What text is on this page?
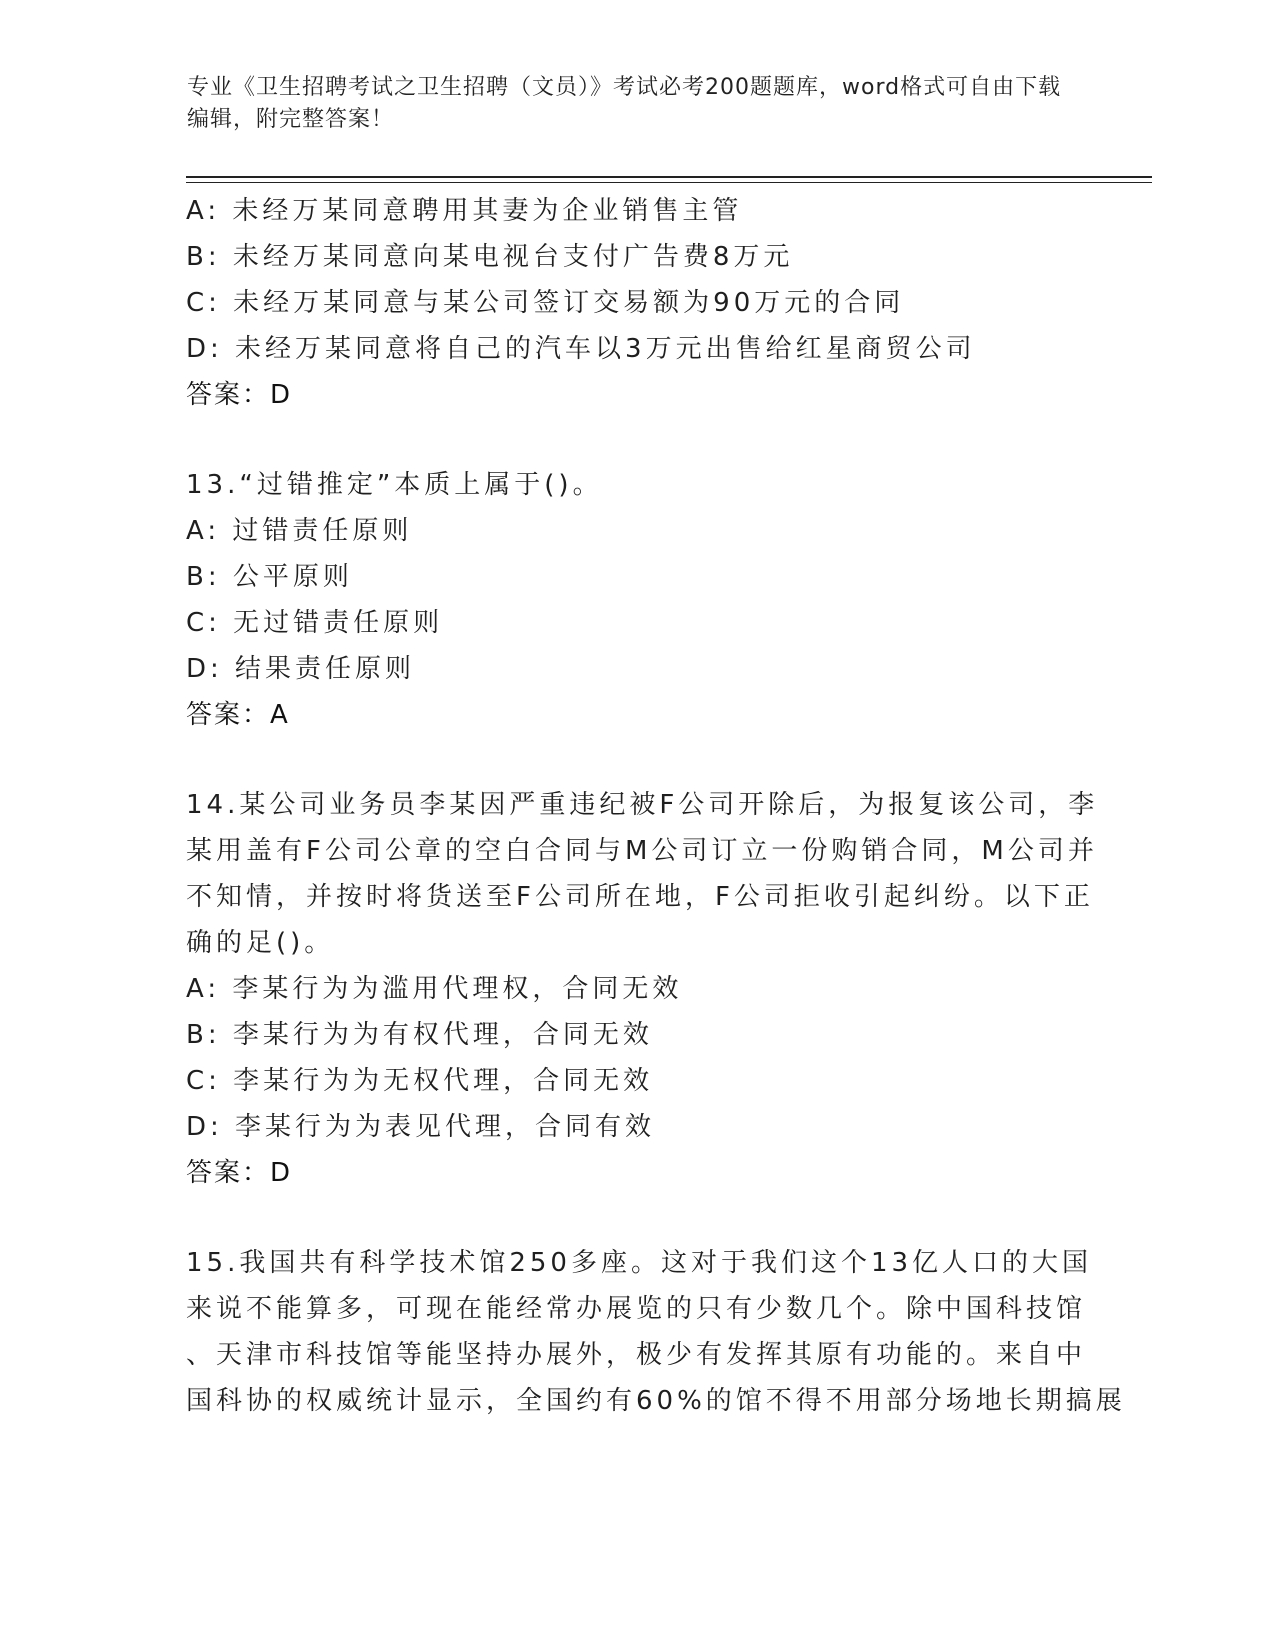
专业《卫生招聘考试之卫生招聘（文员）》考试必考200题题库，word格式可自由下载编辑，附完整答案！
A: 未经万某同意聘用其妻为企业销售主管
B: 未经万某同意向某电视台支付广告费8万元
C: 未经万某同意与某公司签订交易额为90万元的合同
D: 未经万某同意将自己的汽车以3万元出售给红星商贸公司
答案：D
13.“过错推定”本质上属于()。
A: 过错责任原则
B: 公平原则
C: 无过错责任原则
D: 结果责任原则
答案：A
14.某公司业务员李某因严重违纪被F公司开除后，为报复该公司，李
某用盖有F公司公章的空白合同与M公司订立一份购销合同，M公司并
不知情，并按时将货送至F公司所在地，F公司拒收引起纠纷。以下正
确的足()。
A: 李某行为为滥用代理权，合同无效
B: 李某行为为有权代理，合同无效
C: 李某行为为无权代理，合同无效
D: 李某行为为表见代理，合同有效
答案：D
15.我国共有科学技术馆250多座。这对于我们这个13亿人口的大国
来说不能算多，可现在能经常办展览的只有少数几个。除中国科技馆
、天津市科技馆等能坚持办展外，极少有发挥其原有功能的。来自中
国科协的权威统计显示，全国约有60%的馆不得不用部分场地长期搞展
